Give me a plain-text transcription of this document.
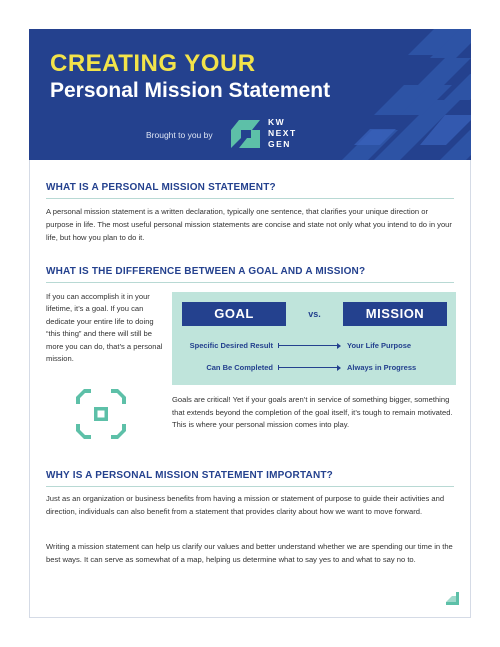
CREATING YOUR
Personal Mission Statement
Brought to you by
KW
NEXT
GEN
WHAT IS A PERSONAL MISSION STATEMENT?

A personal mission statement is a written declaration, typically one sentence, that clarifies your unique direction or purpose in life. The most useful personal mission statements are concise and state not only what you intend to do in your life, but how you plan to do it.

WHAT IS THE DIFFERENCE BETWEEN A GOAL AND A MISSION?

If you can accomplish it in your lifetime, it’s a goal. If you can dedicate your entire life to doing “this thing” and there will still be more you can do, that’s a personal mission.

GOAL	vs.	MISSION
Specific Desired Result	Your Life Purpose
Can Be Completed	Always in Progress

Goals are critical! Yet if your goals aren’t in service of something bigger, something that extends beyond the completion of the goal itself, it’s tough to remain motivated. This is where your personal mission comes into play.

WHY IS A PERSONAL MISSION STATEMENT IMPORTANT?

Just as an organization or business benefits from having a mission or statement of purpose to guide their activities and direction, individuals can also benefit from a statement that provides clarity about how we want to move forward.

Writing a mission statement can help us clarify our values and better understand whether we are spending our time in the best ways. It can serve as somewhat of a map, helping us determine what to say yes to and what to say no to.
